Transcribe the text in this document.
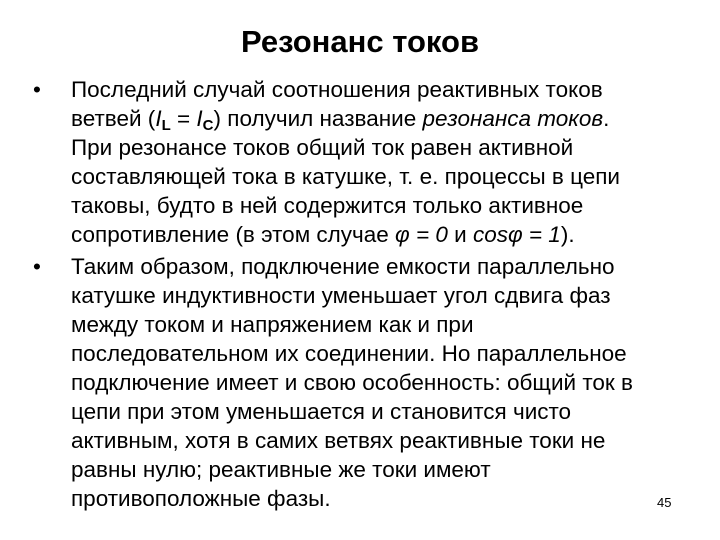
Резонанс токов
•	Последний случай соотношения реактивных токов
ветвей $(I_L = I_C)$ получил название резонанса токов.
При резонансе токов общий ток равен активной
составляющей тока в катушке, т. е. процессы в цепи
таковы, будто в ней содержится только активное
сопротивление (в этом случае φ = 0 и cosφ = 1).
•	Таким образом, подключение емкости параллельно
катушке индуктивности уменьшает угол сдвига фаз
между током и напряжением как и при
последовательном их соединении. Но параллельное
подключение имеет и свою особенность: общий ток в
цепи при этом уменьшается и становится чисто
активным, хотя в самих ветвях реактивные токи не
равны нулю; реактивные же токи имеют
противоположные фазы.	45
